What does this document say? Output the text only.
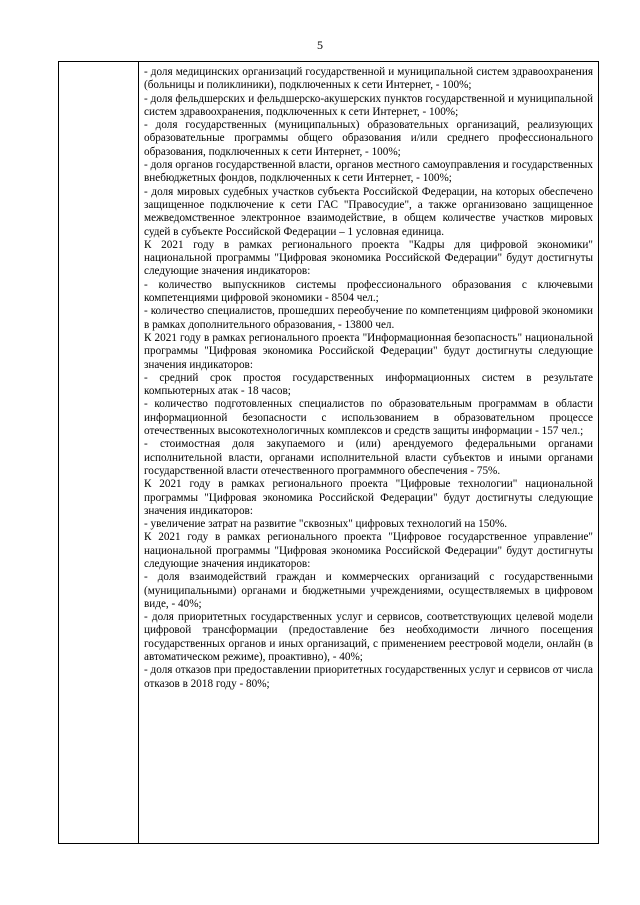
5

- доля медицинских организаций государственной и муниципальной систем здравоохранения (больницы и поликлиники), подключенных к сети Интернет, - 100%;

- доля фельдшерских и фельдшерско-акушерских пунктов государственной и муниципальной систем здравоохранения, подключенных к сети Интернет, - 100%;

- доля государственных (муниципальных) образовательных организаций, реализующих образовательные программы общего образования и/или среднего профессионального образования, подключенных к сети Интернет, - 100%;

- доля органов государственной власти, органов местного самоуправления и государственных внебюджетных фондов, подключенных к сети Интернет, - 100%;

- доля мировых судебных участков субъекта Российской Федерации, на которых обеспечено защищенное подключение к сети ГАС "Правосудие", а также организовано защищенное межведомственное электронное взаимодействие, в общем количестве участков мировых судей в субъекте Российской Федерации – 1 условная единица.

К 2021 году в рамках регионального проекта "Кадры для цифровой экономики" национальной программы "Цифровая экономика Российской Федерации" будут достигнуты следующие значения индикаторов:

- количество выпускников системы профессионального образования с ключевыми компетенциями цифровой экономики - 8504 чел.;

- количество специалистов, прошедших переобучение по компетенциям цифровой экономики в рамках дополнительного образования, - 13800 чел.

К 2021 году в рамках регионального проекта "Информационная безопасность" национальной программы "Цифровая экономика Российской Федерации" будут достигнуты следующие значения индикаторов:

- средний срок простоя государственных информационных систем в результате компьютерных атак - 18 часов;

- количество подготовленных специалистов по образовательным программам в области информационной безопасности с использованием в образовательном процессе отечественных высокотехнологичных комплексов и средств защиты информации - 157 чел.;

- стоимостная доля закупаемого и (или) арендуемого федеральными органами исполнительной власти, органами исполнительной власти субъектов и иными органами государственной власти отечественного программного обеспечения - 75%.

К 2021 году в рамках регионального проекта "Цифровые технологии" национальной программы "Цифровая экономика Российской Федерации" будут достигнуты следующие значения индикаторов:

- увеличение затрат на развитие "сквозных" цифровых технологий на 150%.

К 2021 году в рамках регионального проекта "Цифровое государственное управление" национальной программы "Цифровая экономика Российской Федерации" будут достигнуты следующие значения индикаторов:

- доля взаимодействий граждан и коммерческих организаций с государственными (муниципальными) органами и бюджетными учреждениями, осуществляемых в цифровом виде, - 40%;

- доля приоритетных государственных услуг и сервисов, соответствующих целевой модели цифровой трансформации (предоставление без необходимости личного посещения государственных органов и иных организаций, с применением реестровой модели, онлайн (в автоматическом режиме), проактивно), - 40%;

- доля отказов при предоставлении приоритетных государственных услуг и сервисов от числа отказов в 2018 году - 80%;
